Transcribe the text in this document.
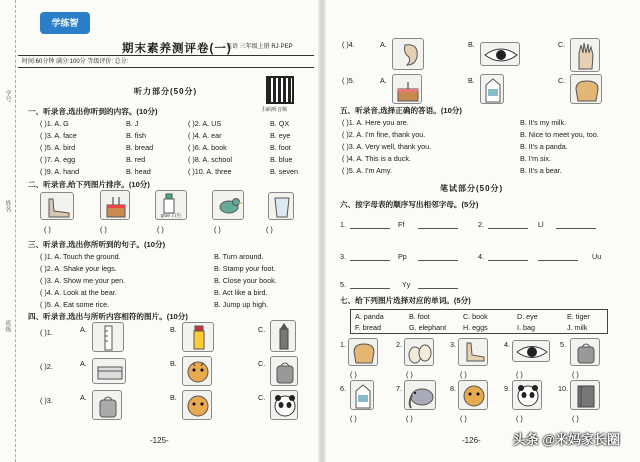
学号
姓名
班级
学练智
期末素养测评卷(一)
英语 三年级上册 RJ·PEP
时间:60分钟 满分:100分 等级评价: 总分:
扫码听音频
听力部分(50分)
一、听录音,选出你听到的内容。(10分)
( )1. A. G	B. J	( )2. A. US	B. QX
( )3. A. face	B. fish	( )4. A. ear	B. eye
( )5. A. bird	B. bread	( )6. A. book	B. foot
( )7. A. egg	B. red	( )8. A. school	B. blue
( )9. A. hand	B. head	( )10. A. three	B. seven
二、听录音,给下列图片排序。(10分)
glue 白色
( )	( )	( )	( )	( )
三、听录音,选出你所听到的句子。(10分)
( )1. A. Touch the ground.	B. Turn around.
( )2. A. Shake your legs.	B. Stamp your foot.
( )3. A. Show me your pen.	B. Close your book.
( )4. A. Look at the bear.	B. Act like a bird.
( )5. A. Eat some rice.	B. Jump up high.
四、听录音,选出与所听内容相符的图片。(10分)
( )1.	A.	B.	C.
( )2.	A.	B.	C.
( )3.	A.	B.	C.
-125-
( )4.	A.	B.	C.
( )5.	A.	B.	C.
五、听录音,选择正确的答语。(10分)
( )1. A. Here you are.	B. It's my milk.
( )2. A. I'm fine, thank you.	B. Nice to meet you, too.
( )3. A. Very well, thank you.	B. It's a panda.
( )4. A. This is a duck.	B. I'm six.
( )5. A. I'm Amy.	B. It's a bear.
笔试部分(50分)
六、按字母表的顺序写出相邻字母。(5分)
1.	Ff	2.	Ll
3.	Pp	4.	Uu
5.	Yy
七、给下列图片选择对应的单词。(5分)
A. panda	B. foot	C. book	D. eye	E. tiger
F. bread	G. elephant H. eggs	I. bag	J. milk
1.	2.	3.	4.	5.
( )	( )	( )	( )	( )
6.	7.	8.	9.	10.
( )	( )	( )	( )	( )
-126- 头条 @米妈家长圈
